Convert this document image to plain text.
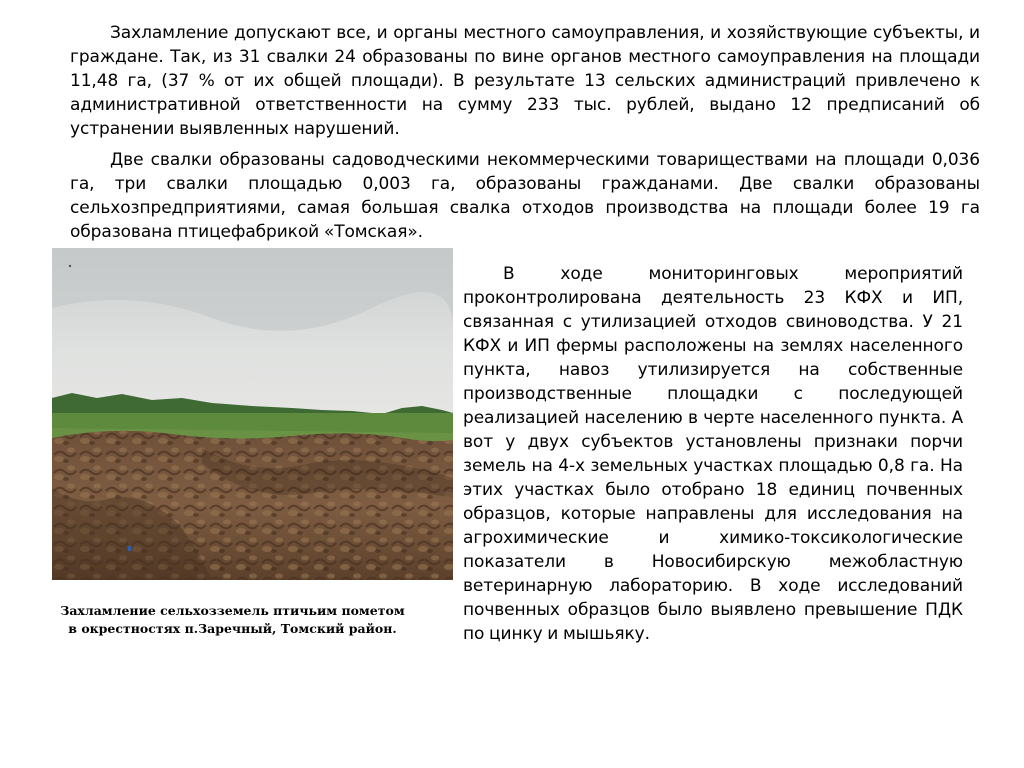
Захламление допускают все, и органы местного самоуправления, и хозяйствующие субъекты, и граждане. Так, из 31 свалки 24 образованы по вине органов местного самоуправления на площади 11,48 га, (37 % от их общей площади). В результате 13 сельских администраций привлечено к административной ответственности на сумму 233 тыс. рублей, выдано 12 предписаний об устранении выявленных нарушений.

Две свалки образованы садоводческими некоммерческими товариществами на площади 0,036 га, три свалки площадью 0,003 га, образованы гражданами. Две свалки образованы сельхозпредприятиями, самая большая свалка отходов производства на площади более 19 га образована птицефабрикой «Томская».

Захламление сельхозземель птичьим пометом в окрестностях п.Заречный, Томский район.

В ходе мониторинговых мероприятий проконтролирована деятельность 23 КФХ и ИП, связанная с утилизацией отходов свиноводства. У 21 КФХ и ИП фермы расположены на землях населенного пункта, навоз утилизируется на собственные производственные площадки с последующей реализацией населению в черте населенного пункта. А вот у двух субъектов установлены признаки порчи земель на 4-х земельных участках площадью 0,8 га. На этих участках было отобрано 18 единиц почвенных образцов, которые направлены для исследования на агрохимические и химико-токсикологические показатели в Новосибирскую межобластную ветеринарную лабораторию. В ходе исследований почвенных образцов было выявлено превышение ПДК по цинку и мышьяку.
